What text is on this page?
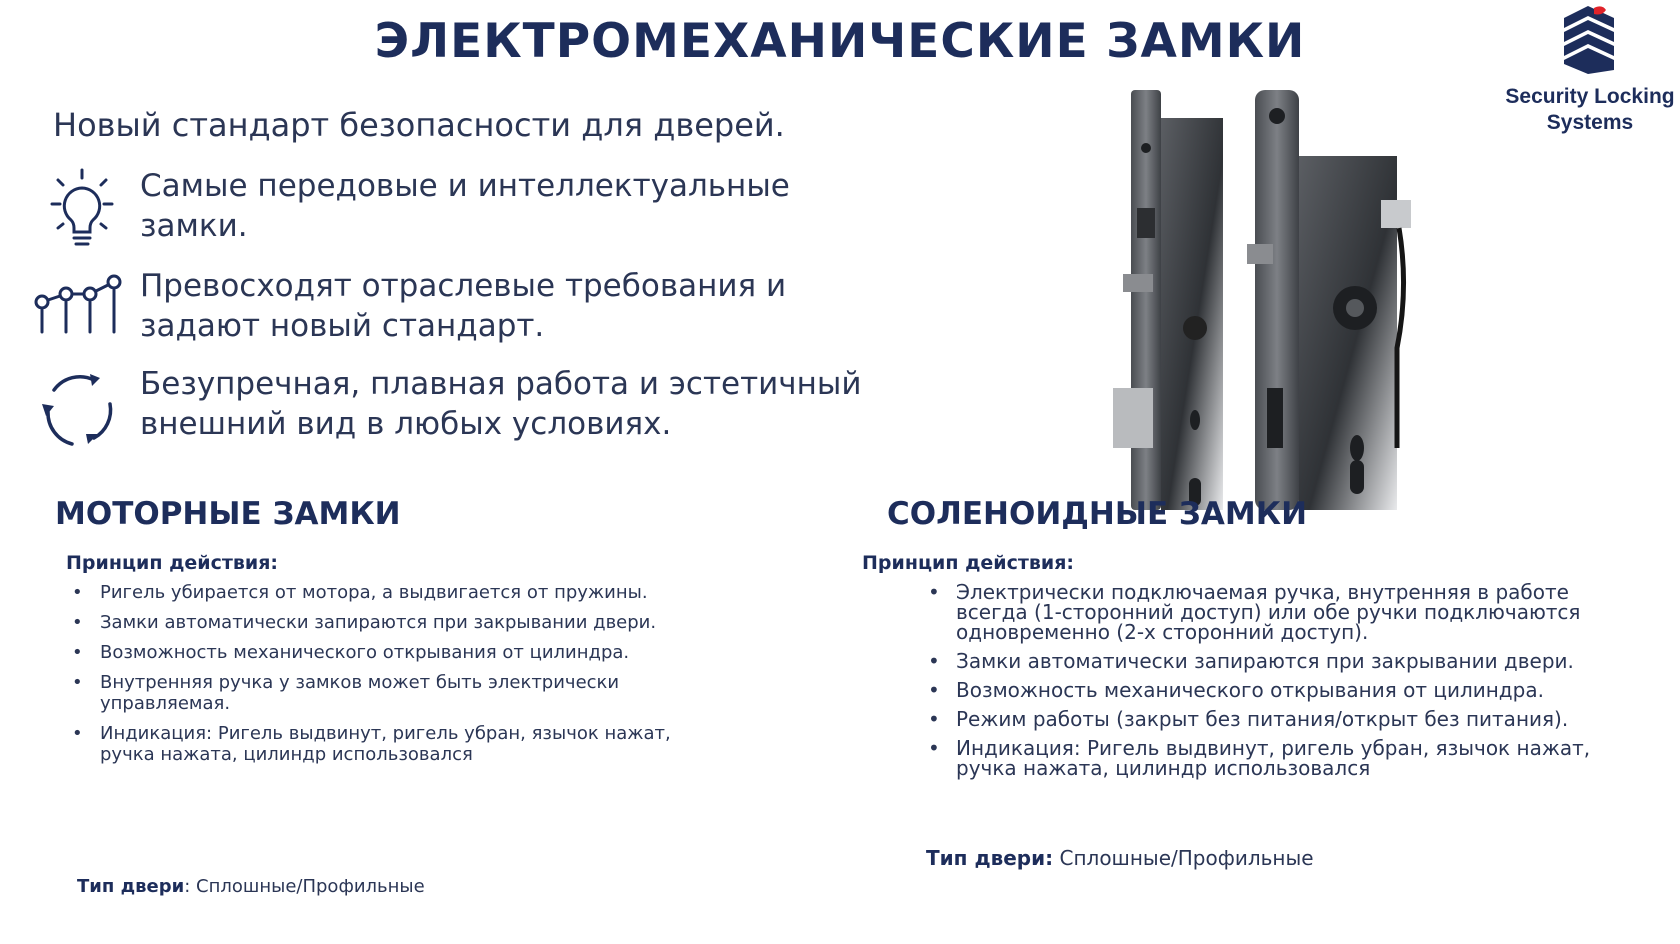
ЭЛЕКТРОМЕХАНИЧЕСКИЕ ЗАМКИ
Security Locking
Systems

Новый стандарт безопасности для дверей.

Самые передовые и интеллектуальные
замки.
Превосходят отраслевые требования и
задают новый стандарт.
Безупречная, плавная работа и эстетичный
внешний вид в любых условиях.
МОТОРНЫЕ ЗАМКИ
Принцип действия:
• Ригель убирается от мотора, а выдвигается от пружины.
• Замки автоматически запираются при закрывании двери.
• Возможность механического открывания от цилиндра.
• Внутренняя ручка у замков может быть электрически управляемая.
• Индикация: Ригель выдвинут, ригель убран, язычок нажат, ручка нажата, цилиндр использовался
Тип двери: Сплошные/Профильные
СОЛЕНОИДНЫЕ ЗАМКИ
Принцип действия:
• Электрически подключаемая ручка, внутренняя в работе всегда (1-сторонний доступ) или обе ручки подключаются одновременно (2-х сторонний доступ).
• Замки автоматически запираются при закрывании двери.
• Возможность механического открывания от цилиндра.
• Режим работы (закрыт без питания/открыт без питания).
• Индикация: Ригель выдвинут, ригель убран, язычок нажат, ручка нажата, цилиндр использовался
Тип двери: Сплошные/Профильные
